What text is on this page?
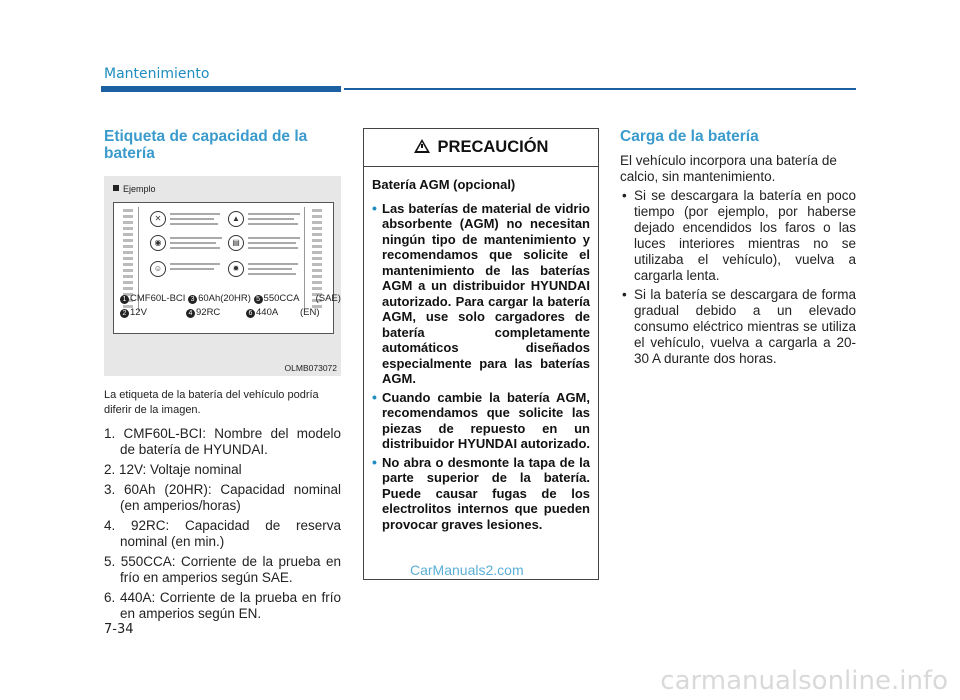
Mantenimiento
Etiqueta de capacidad de la batería
Ejemplo
✕
◉
☺
▲
▤
✹
1 CMF60L-BCI 3 60Ah(20HR) 5 550CCA (SAE)
2 12V	4 92RC	6 440A (EN)
OLMB073072
La etiqueta de la batería del vehículo podría diferir de la imagen.
1. CMF60L-BCI: Nombre del modelo de batería de HYUNDAI.
2. 12V: Voltaje nominal
3. 60Ah (20HR): Capacidad nominal (en amperios/horas)
4. 92RC: Capacidad de reserva nominal (en min.)
5. 550CCA: Corriente de la prueba en frío en amperios según SAE.
6. 440A: Corriente de la prueba en frío en amperios según EN.
PRECAUCIÓN
Batería AGM (opcional)
• Las baterías de material de vidrio absorbente (AGM) no necesitan ningún tipo de mantenimiento y recomendamos que solicite el mantenimiento de las baterías AGM a un distribuidor HYUNDAI autorizado. Para cargar la batería AGM, use solo cargadores de batería completamente automáticos diseñados especialmente para las baterías AGM.
• Cuando cambie la batería AGM, recomendamos que solicite las piezas de repuesto en un distribuidor HYUNDAI autorizado.
• No abra o desmonte la tapa de la parte superior de la batería. Puede causar fugas de los electrolitos internos que pueden provocar graves lesiones.
CarManuals2.com
Carga de la batería
El vehículo incorpora una batería de calcio, sin mantenimiento.
• Si se descargara la batería en poco tiempo (por ejemplo, por haberse dejado encendidos los faros o las luces interiores mientras no se utilizaba el vehículo), vuelva a cargarla lenta.
• Si la batería se descargara de forma gradual debido a un elevado consumo eléctrico mientras se utiliza el vehículo, vuelva a cargarla a 20-30 A durante dos horas.
7-34
carmanualsonline.info
